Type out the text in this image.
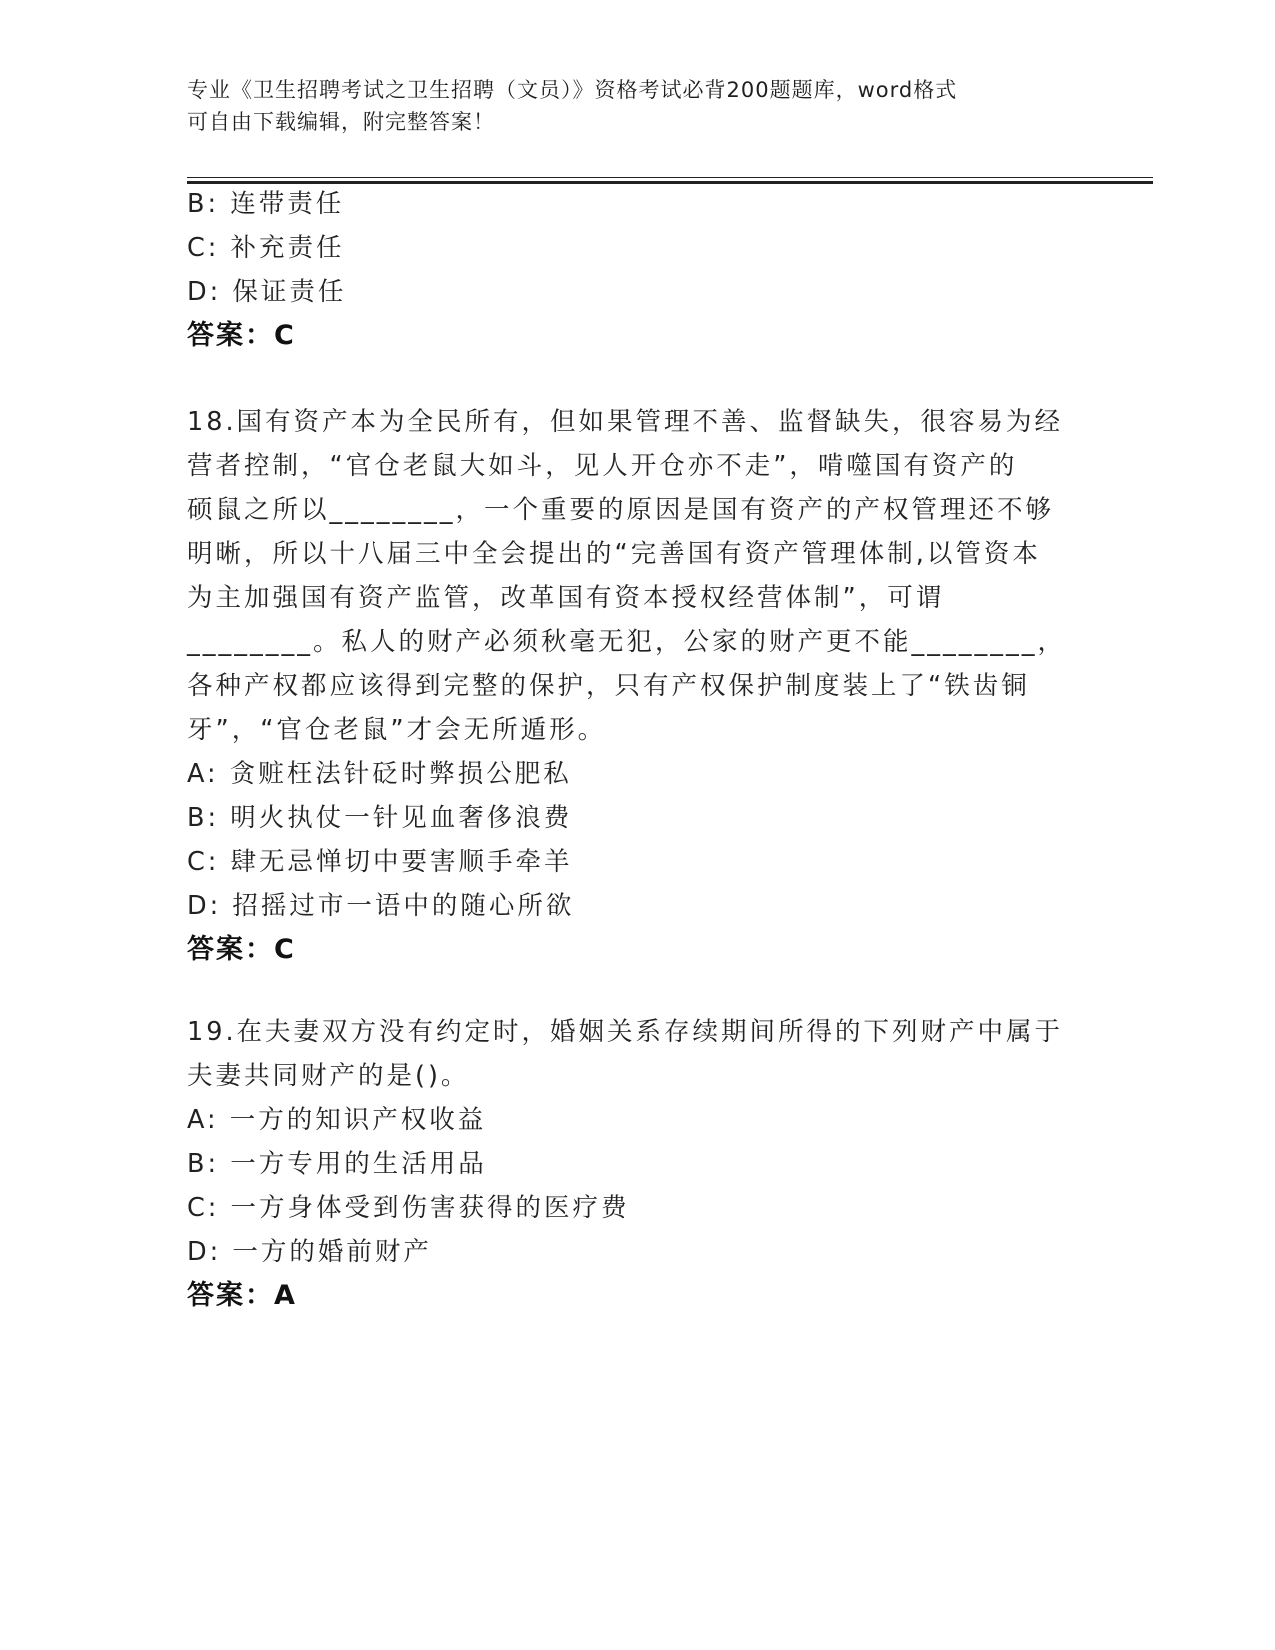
专业《卫生招聘考试之卫生招聘（文员）》资格考试必背200题题库，word格式
可自由下载编辑，附完整答案！
B: 连带责任
C: 补充责任
D: 保证责任
答案：C
18.国有资产本为全民所有，但如果管理不善、监督缺失，很容易为经
营者控制，“官仓老鼠大如斗，见人开仓亦不走”，啃噬国有资产的
硕鼠之所以________，一个重要的原因是国有资产的产权管理还不够
明晰，所以十八届三中全会提出的“完善国有资产管理体制,以管资本
为主加强国有资产监管，改革国有资本授权经营体制”，可谓
________。私人的财产必须秋毫无犯，公家的财产更不能________，
各种产权都应该得到完整的保护，只有产权保护制度装上了“铁齿铜
牙”，“官仓老鼠”才会无所遁形。
A: 贪赃枉法针砭时弊损公肥私
B: 明火执仗一针见血奢侈浪费
C: 肆无忌惮切中要害顺手牵羊
D: 招摇过市一语中的随心所欲
答案：C
19.在夫妻双方没有约定时，婚姻关系存续期间所得的下列财产中属于
夫妻共同财产的是()。
A: 一方的知识产权收益
B: 一方专用的生活用品
C: 一方身体受到伤害获得的医疗费
D: 一方的婚前财产
答案：A
